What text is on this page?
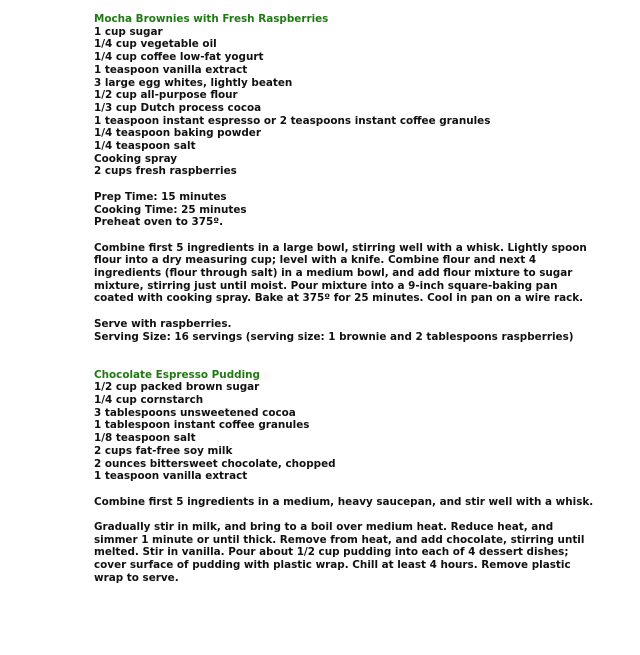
Mocha Brownies with Fresh Raspberries
1 cup sugar
1/4 cup vegetable oil
1/4 cup coffee low-fat yogurt
1 teaspoon vanilla extract
3 large egg whites, lightly beaten
1/2 cup all-purpose flour
1/3 cup Dutch process cocoa
1 teaspoon instant espresso or 2 teaspoons instant coffee granules
1/4 teaspoon baking powder
1/4 teaspoon salt
Cooking spray
2 cups fresh raspberries
Prep Time: 15 minutes
Cooking Time: 25 minutes
Preheat oven to 375º.
Combine first 5 ingredients in a large bowl, stirring well with a whisk. Lightly spoon
flour into a dry measuring cup; level with a knife. Combine flour and next 4
ingredients (flour through salt) in a medium bowl, and add flour mixture to sugar
mixture, stirring just until moist. Pour mixture into a 9-inch square-baking pan
coated with cooking spray. Bake at 375º for 25 minutes. Cool in pan on a wire rack.
Serve with raspberries.
Serving Size: 16 servings (serving size: 1 brownie and 2 tablespoons raspberries)
Chocolate Espresso Pudding
1/2 cup packed brown sugar
1/4 cup cornstarch
3 tablespoons unsweetened cocoa
1 tablespoon instant coffee granules
1/8 teaspoon salt
2 cups fat-free soy milk
2 ounces bittersweet chocolate, chopped
1 teaspoon vanilla extract
Combine first 5 ingredients in a medium, heavy saucepan, and stir well with a whisk.
Gradually stir in milk, and bring to a boil over medium heat. Reduce heat, and
simmer 1 minute or until thick. Remove from heat, and add chocolate, stirring until
melted. Stir in vanilla. Pour about 1/2 cup pudding into each of 4 dessert dishes;
cover surface of pudding with plastic wrap. Chill at least 4 hours. Remove plastic
wrap to serve.
